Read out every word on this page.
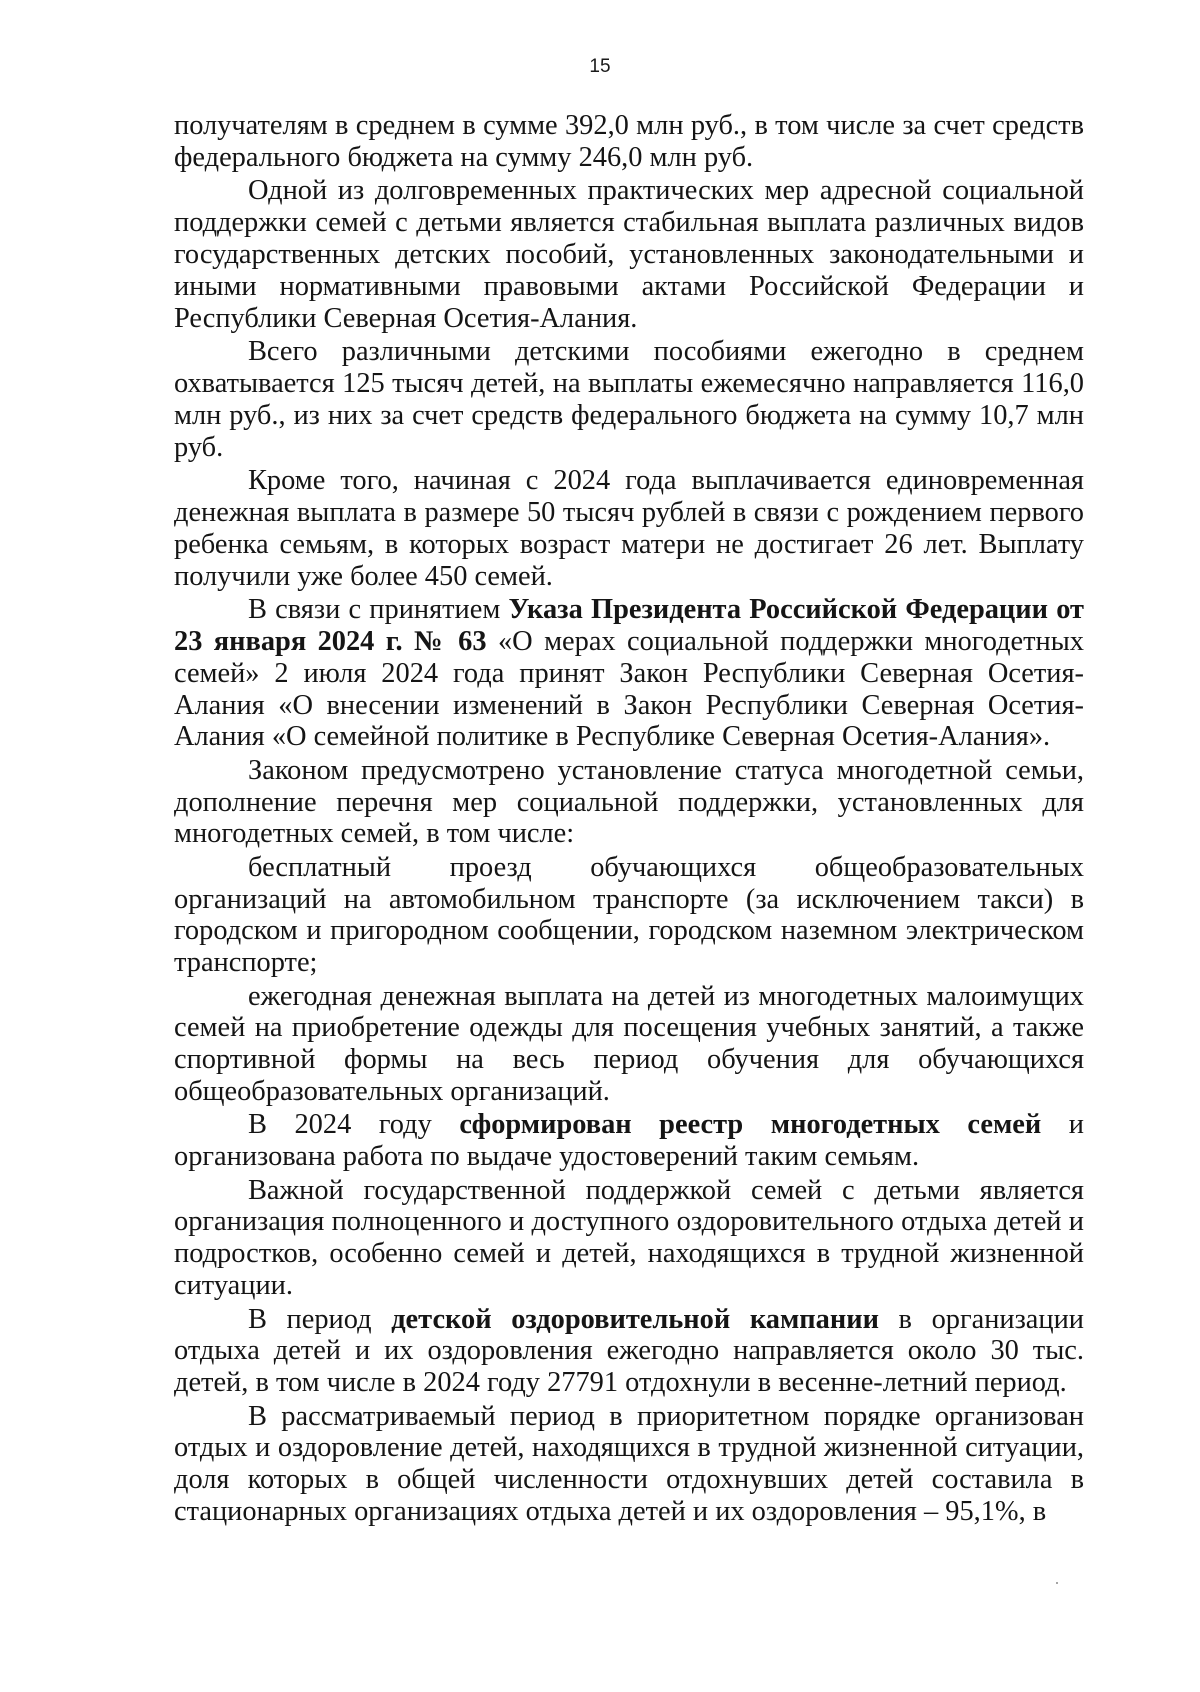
15

получателям в среднем в сумме 392,0 млн руб., в том числе за счет средств федерального бюджета на сумму 246,0 млн руб.

Одной из долговременных практических мер адресной социальной поддержки семей с детьми является стабильная выплата различных видов государственных детских пособий, установленных законодательными и иными нормативными правовыми актами Российской Федерации и Республики Северная Осетия-Алания.

Всего различными детскими пособиями ежегодно в среднем охватывается 125 тысяч детей, на выплаты ежемесячно направляется 116,0 млн руб., из них за счет средств федерального бюджета на сумму 10,7 млн руб.

Кроме того, начиная с 2024 года выплачивается единовременная денежная выплата в размере 50 тысяч рублей в связи с рождением первого ребенка семьям, в которых возраст матери не достигает 26 лет. Выплату получили уже более 450 семей.

В связи с принятием Указа Президента Российской Федерации от 23 января 2024 г. № 63 «О мерах социальной поддержки многодетных семей» 2 июля 2024 года принят Закон Республики Северная Осетия-Алания «О внесении изменений в Закон Республики Северная Осетия-Алания «О семейной политике в Республике Северная Осетия-Алания».

Законом предусмотрено установление статуса многодетной семьи, дополнение перечня мер социальной поддержки, установленных для многодетных семей, в том числе:

бесплатный проезд обучающихся общеобразовательных организаций на автомобильном транспорте (за исключением такси) в городском и пригородном сообщении, городском наземном электрическом транспорте;

ежегодная денежная выплата на детей из многодетных малоимущих семей на приобретение одежды для посещения учебных занятий, а также спортивной формы на весь период обучения для обучающихся общеобразовательных организаций.

В 2024 году сформирован реестр многодетных семей и организована работа по выдаче удостоверений таким семьям.

Важной государственной поддержкой семей с детьми является организация полноценного и доступного оздоровительного отдыха детей и подростков, особенно семей и детей, находящихся в трудной жизненной ситуации.

В период детской оздоровительной кампании в организации отдыха детей и их оздоровления ежегодно направляется около 30 тыс. детей, в том числе в 2024 году 27791 отдохнули в весенне-летний период.

В рассматриваемый период в приоритетном порядке организован отдых и оздоровление детей, находящихся в трудной жизненной ситуации, доля которых в общей численности отдохнувших детей составила в стационарных организациях отдыха детей и их оздоровления – 95,1%, в
